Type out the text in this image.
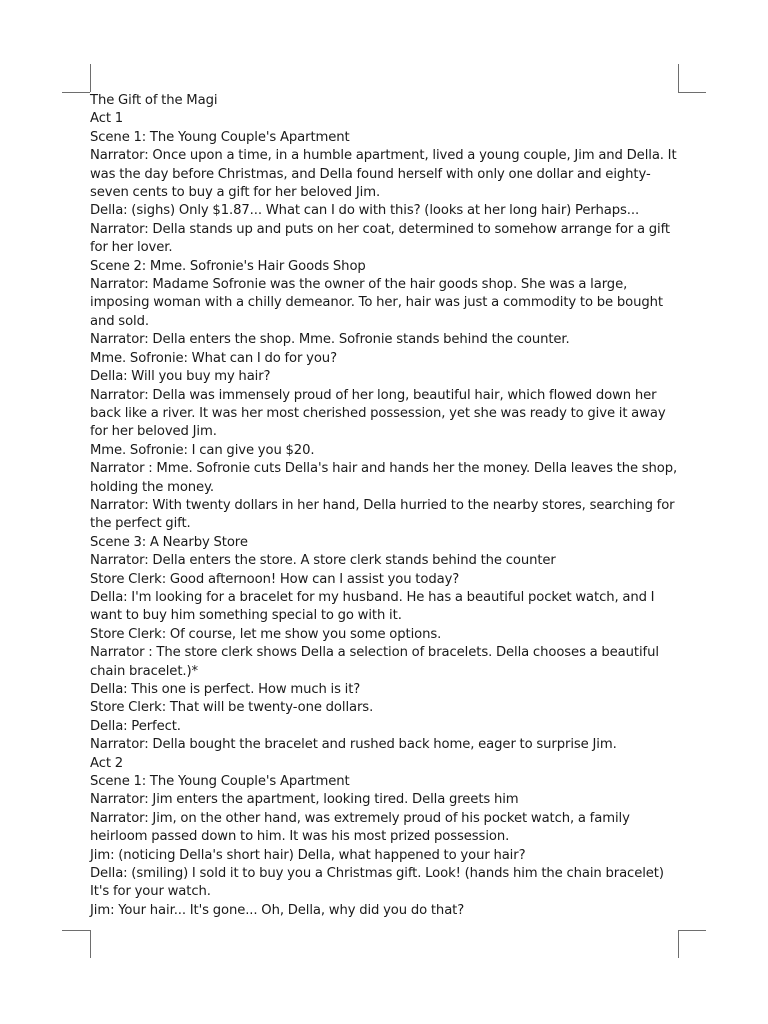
The Gift of the Magi
Act 1
Scene 1: The Young Couple's Apartment
Narrator: Once upon a time, in a humble apartment, lived a young couple, Jim and Della. It was the day before Christmas, and Della found herself with only one dollar and eighty-seven cents to buy a gift for her beloved Jim.
Della: (sighs) Only $1.87... What can I do with this? (looks at her long hair) Perhaps...
Narrator: Della stands up and puts on her coat, determined to somehow arrange for a gift for her lover.
Scene 2: Mme. Sofronie's Hair Goods Shop
Narrator: Madame Sofronie was the owner of the hair goods shop. She was a large, imposing woman with a chilly demeanor. To her, hair was just a commodity to be bought and sold.
Narrator: Della enters the shop. Mme. Sofronie stands behind the counter.
Mme. Sofronie: What can I do for you?
Della: Will you buy my hair?
Narrator: Della was immensely proud of her long, beautiful hair, which flowed down her back like a river. It was her most cherished possession, yet she was ready to give it away for her beloved Jim.
Mme. Sofronie: I can give you $20.
Narrator : Mme. Sofronie cuts Della's hair and hands her the money. Della leaves the shop, holding the money.
Narrator: With twenty dollars in her hand, Della hurried to the nearby stores, searching for the perfect gift.
Scene 3: A Nearby Store
Narrator: Della enters the store. A store clerk stands behind the counter
Store Clerk: Good afternoon! How can I assist you today?
Della: I'm looking for a bracelet for my husband. He has a beautiful pocket watch, and I want to buy him something special to go with it.
Store Clerk: Of course, let me show you some options.
Narrator : The store clerk shows Della a selection of bracelets. Della chooses a beautiful chain bracelet.)*
Della: This one is perfect. How much is it?
Store Clerk: That will be twenty-one dollars.
Della: Perfect.
Narrator: Della bought the bracelet and rushed back home, eager to surprise Jim.
Act 2
Scene 1: The Young Couple's Apartment
Narrator: Jim enters the apartment, looking tired. Della greets him
Narrator: Jim, on the other hand, was extremely proud of his pocket watch, a family heirloom passed down to him. It was his most prized possession.
Jim: (noticing Della's short hair) Della, what happened to your hair?
Della: (smiling) I sold it to buy you a Christmas gift. Look! (hands him the chain bracelet) It's for your watch.
Jim: Your hair... It's gone... Oh, Della, why did you do that?
